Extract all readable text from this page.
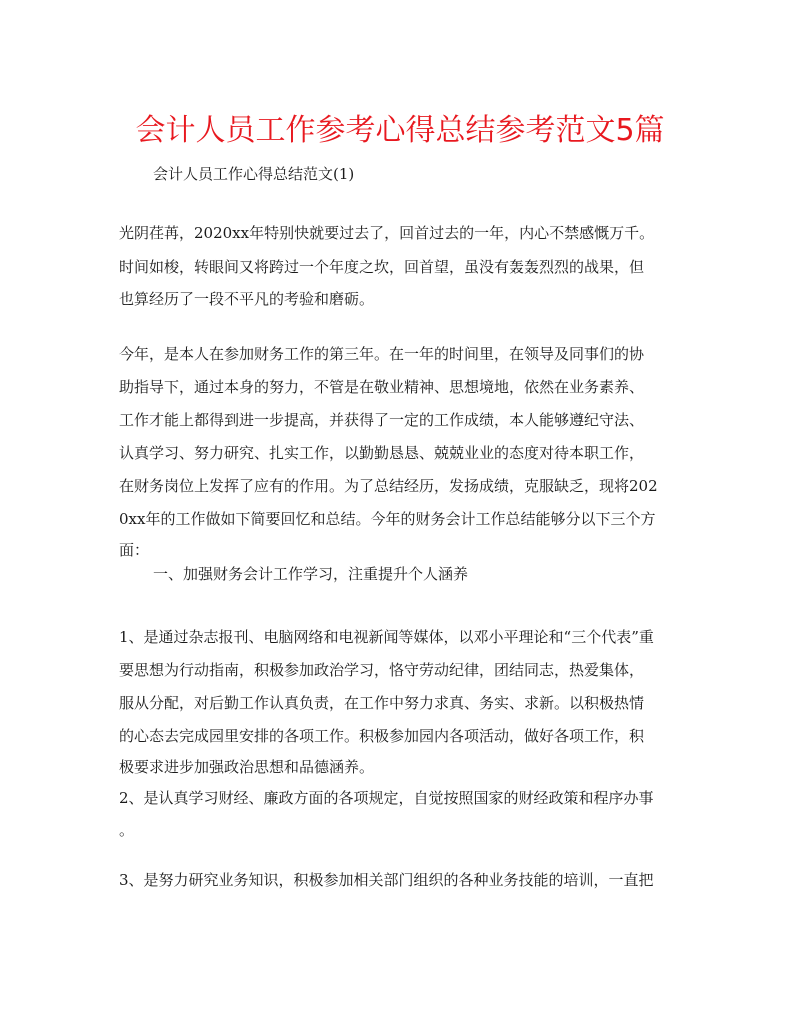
会计人员工作参考心得总结参考范文5篇
会计人员工作心得总结范文(1)
光阴荏苒，2020xx年特别快就要过去了，回首过去的一年，内心不禁感慨万千。
时间如梭，转眼间又将跨过一个年度之坎，回首望，虽没有轰轰烈烈的战果，但
也算经历了一段不平凡的考验和磨砺。
今年，是本人在参加财务工作的第三年。在一年的时间里，在领导及同事们的协
助指导下，通过本身的努力，不管是在敬业精神、思想境地，依然在业务素养、
工作才能上都得到进一步提高，并获得了一定的工作成绩，本人能够遵纪守法、
认真学习、努力研究、扎实工作，以勤勤恳恳、兢兢业业的态度对待本职工作，
在财务岗位上发挥了应有的作用。为了总结经历，发扬成绩，克服缺乏，现将202
0xx年的工作做如下简要回忆和总结。今年的财务会计工作总结能够分以下三个方
面：
一、加强财务会计工作学习，注重提升个人涵养
1、是通过杂志报刊、电脑网络和电视新闻等媒体，以邓小平理论和“三个代表”重
要思想为行动指南，积极参加政治学习，恪守劳动纪律，团结同志，热爱集体，
服从分配，对后勤工作认真负责，在工作中努力求真、务实、求新。以积极热情
的心态去完成园里安排的各项工作。积极参加园内各项活动，做好各项工作，积
极要求进步加强政治思想和品德涵养。
2、是认真学习财经、廉政方面的各项规定，自觉按照国家的财经政策和程序办事
。
3、是努力研究业务知识，积极参加相关部门组织的各种业务技能的培训，一直把
